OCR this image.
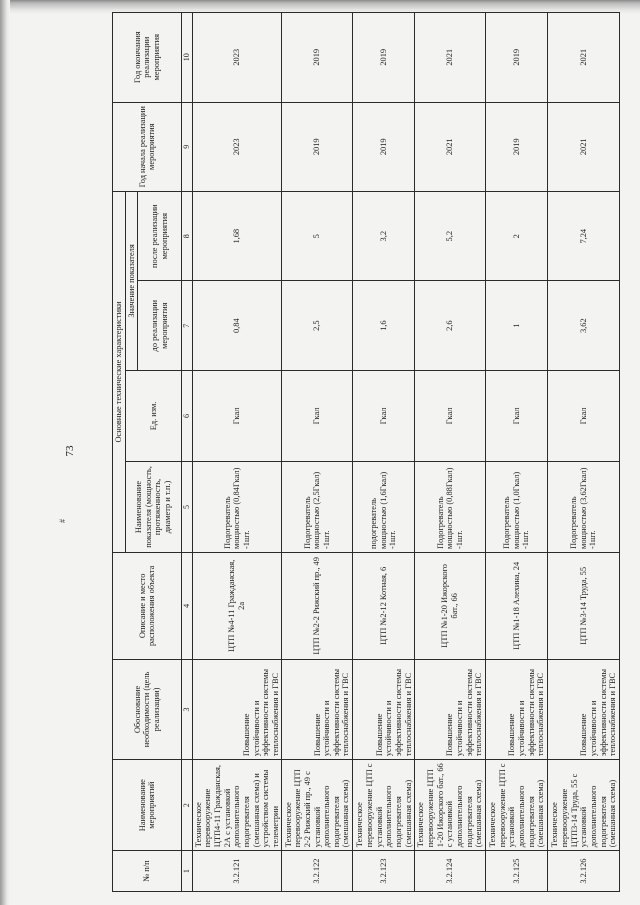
73
#
№ п/п	Наименование мероприятий	Обоснование необходимости (цель реализации)	Описание и место расположения объекта	Основные технические характеристики				Год начала реализации мероприятия	Год окончания реализации мероприятия
				Наименование показателя (мощность, протяженность, диаметр и т.п.)	Ед. изм.	Значение показателя			
						до реализации мероприятия	после реализации мероприятия		
1	2	3	4	5	6	7	8	9	10
3.2.121	Техническое перевооружение ЦТП4-11 Гражданская, 2А с установкой дополнительного подогревателя (смешанная схема) и устройством системы телеметрии	Повышение устойчивости и эффективности системы теплоснабжения и ГВС	ЦТП №4-11 Гражданская, 2а	Подогреватель мощностью (0,84Гкал) -1шт.	Гкал	0,84	1,68	2023	2023
3.2.122	Техническое перевооружение ЦТП 2-2 Рижский пр., 49 с установкой дополнительного подогревателя (смешанная схема)	Повышение устойчивости и эффективности системы теплоснабжения и ГВС	ЦТП №2-2 Рижский пр., 49	Подогреватель мощностью (2,5Гкал) -1шт.	Гкал	2,5	5	2019	2019
3.2.123	Техническое перевооружение ЦТП с установкой дополнительного подогревателя (смешанная схема)	Повышение устойчивости и эффективности системы теплоснабжения и ГВС	ЦТП №2-12 Котная, 6	подогреватель мощностью (1,6Гкал) -1шт.	Гкал	1,6	3,2	2019	2019
3.2.124	Техническое перевооружение ЦТП 1-20 Ижорского бат., 66 с установкой дополнительного подогревателя (смешанная схема)	Повышение устойчивости и эффективности системы теплоснабжения и ГВС	ЦТП №1-20 Ижорского бат., 66	Подогреватель мощностью (0,88Гкал) -1шт.	Гкал	2,6	5,2	2021	2021
3.2.125	Техническое перевооружение ЦТП с установкой дополнительного подогревателя (смешанная схема)	Повышение устойчивости и эффективности системы теплоснабжения и ГВС	ЦТП №1-18 Алехина, 24	Подогреватель мощностью (1,0Гкал) -1шт.	Гкал	1	2	2019	2019
3.2.126	Техническое перевооружение ЦТП3-14 Труда, 55 с установкой дополнительного подогревателя (смешанная схема)	Повышение устойчивости и эффективности системы теплоснабжения и ГВС	ЦТП №3-14 Труда, 55	Подогреватель мощностью (3,62Гкал) -1шт.	Гкал	3,62	7,24	2021	2021
